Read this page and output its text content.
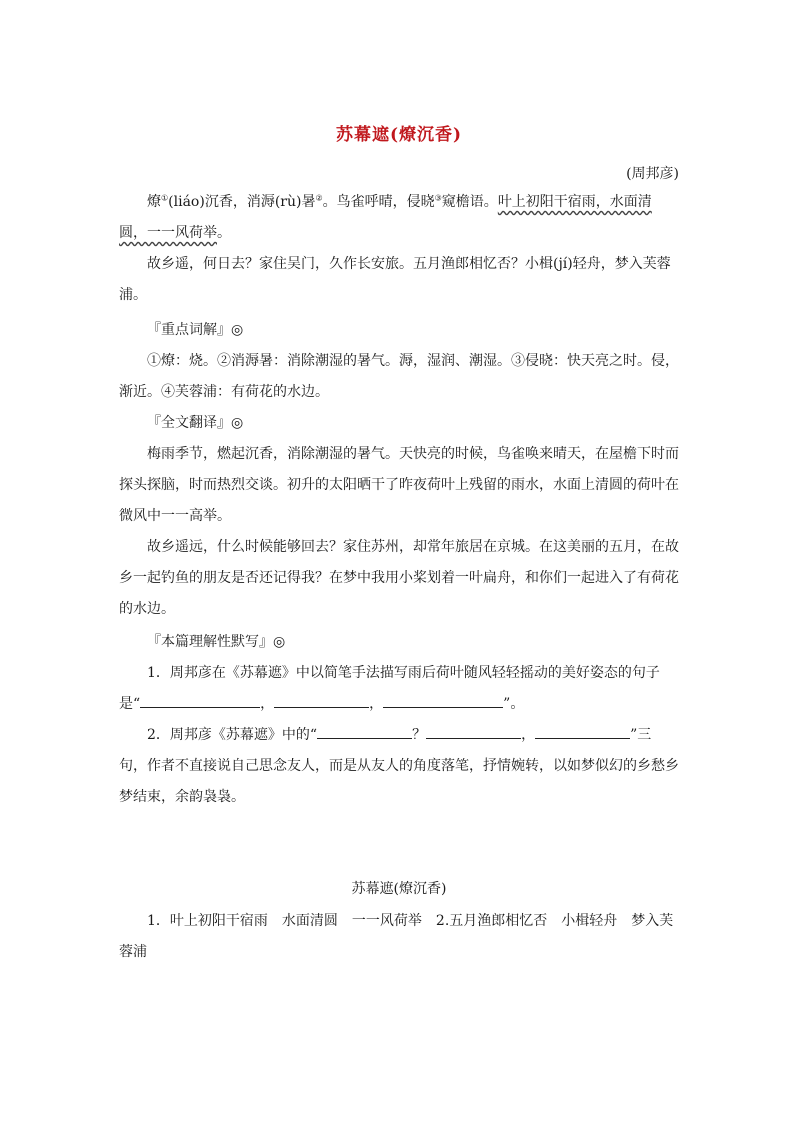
苏幕遮(燎沉香)
(周邦彦)

燎①(liáo)沉香，消溽(rù)暑②。鸟雀呼晴，侵晓③窥檐语。叶上初阳干宿雨，水面清圆，一一风荷举。

故乡遥，何日去？家住吴门，久作长安旅。五月渔郎相忆否？小楫(jí)轻舟，梦入芙蓉浦。

『重点词解』◎

①燎：烧。②消溽暑：消除潮湿的暑气。溽，湿润、潮湿。③侵晓：快天亮之时。侵，渐近。④芙蓉浦：有荷花的水边。

『全文翻译』◎

梅雨季节，燃起沉香，消除潮湿的暑气。天快亮的时候，鸟雀唤来晴天，在屋檐下时而探头探脑，时而热烈交谈。初升的太阳晒干了昨夜荷叶上残留的雨水，水面上清圆的荷叶在微风中一一高举。

故乡遥远，什么时候能够回去？家住苏州，却常年旅居在京城。在这美丽的五月，在故乡一起钓鱼的朋友是否还记得我？在梦中我用小桨划着一叶扁舟，和你们一起进入了有荷花的水边。

『本篇理解性默写』◎

1．周邦彦在《苏幕遮》中以简笔手法描写雨后荷叶随风轻轻摇动的美好姿态的句子是“	，	，	”。

2．周邦彦《苏幕遮》中的“	？	，	”三句，作者不直接说自己思念友人，而是从友人的角度落笔，抒情婉转，以如梦似幻的乡愁乡梦结束，余韵袅袅。

苏幕遮(燎沉香)

1．叶上初阳干宿雨　水面清圆　一一风荷举　2.五月渔郎相忆否　小楫轻舟　梦入芙蓉浦
